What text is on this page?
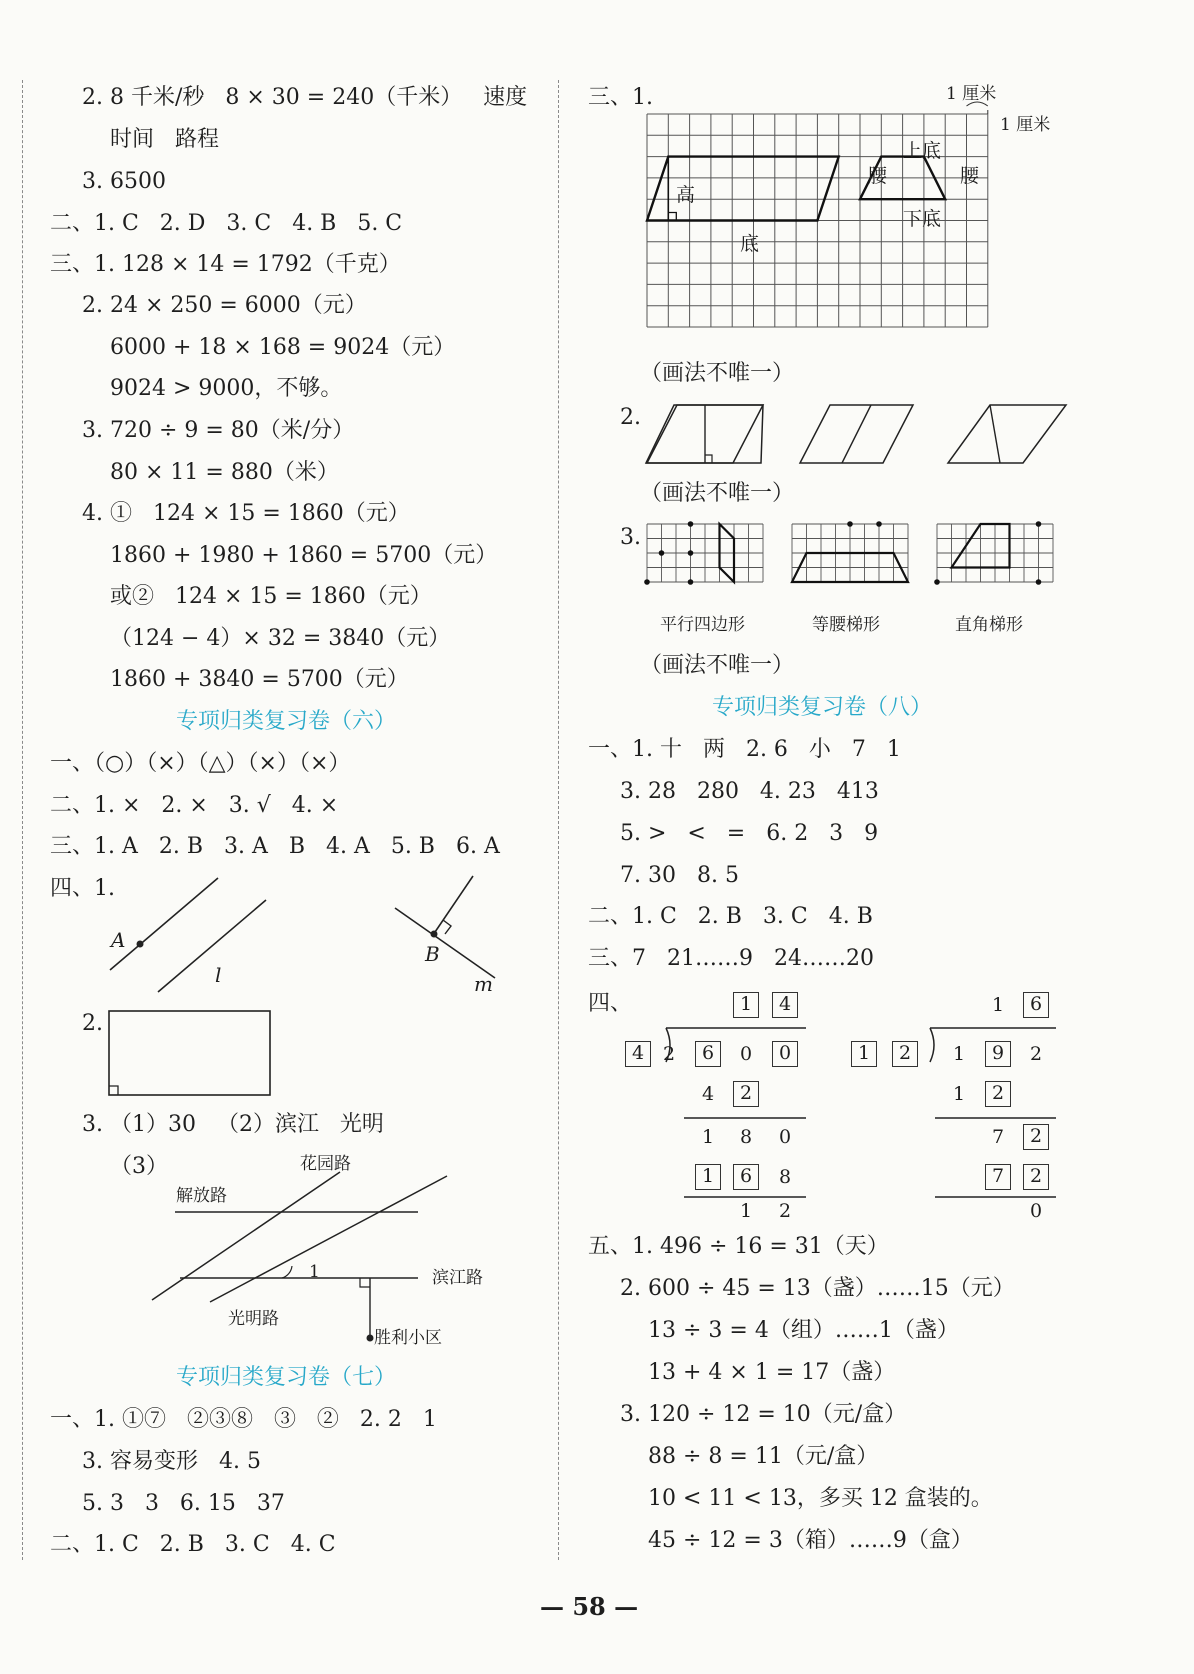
2. 8 千米/秒   8 × 30 = 240（千米）   速度
时间   路程
3. 6500
二、1. C   2. D   3. C   4. B   5. C
三、1. 128 × 14 = 1792（千克）
2. 24 × 250 = 6000（元）
6000 + 18 × 168 = 9024（元）
9024 > 9000，不够。
3. 720 ÷ 9 = 80（米/分）
80 × 11 = 880（米）
4. ①   124 × 15 = 1860（元）
1860 + 1980 + 1860 = 5700（元）
或②   124 × 15 = 1860（元）
（124 − 4）× 32 = 3840（元）
1860 + 3840 = 5700（元）
专项归类复习卷（六）
一、（○）（×）（△）（×）（×）
二、1. ×   2. ×   3. √   4. ×
三、1. A   2. B   3. A   B   4. A   5. B   6. A
四、1.
A
l
B
m
2.
3. （1）30   （2）滨江   光明
（3）	花园路
解放路
滨江路
光明路
1
胜利小区
专项归类复习卷（七）
一、1. ①⑦   ②③⑧   ③   ②   2. 2   1
3. 容易变形   4. 5
5. 3   3   6. 15   37
二、1. C   2. B   3. C   4. C
三、1.	1 厘米
1 厘米
高
底
上底
下底
腰	腰
（画法不唯一）
2.
（画法不唯一）
3.
平行四边形	等腰梯形	直角梯形
（画法不唯一）
专项归类复习卷（八）
一、1. 十   两   2. 6   小   7   1
3. 28   280   4. 23   413
5. >   <   =   6. 2   3   9
7. 30   8. 5
二、1. C   2. B   3. C   4. B
三、7   21……9   24……20
四、	1	4
4 2	6	0	0
4	2
1	8	0
1	6	8
1	2
1	6
1	2	1	9	2
1	2
7	2
7	2
0
五、1. 496 ÷ 16 = 31（天）
2. 600 ÷ 45 = 13（盏）……15（元）
13 ÷ 3 = 4（组）……1（盏）
13 + 4 × 1 = 17（盏）
3. 120 ÷ 12 = 10（元/盒）
88 ÷ 8 = 11（元/盒）
10 < 11 < 13，多买 12 盒装的。
45 ÷ 12 = 3（箱）……9（盒）
— 58 —
